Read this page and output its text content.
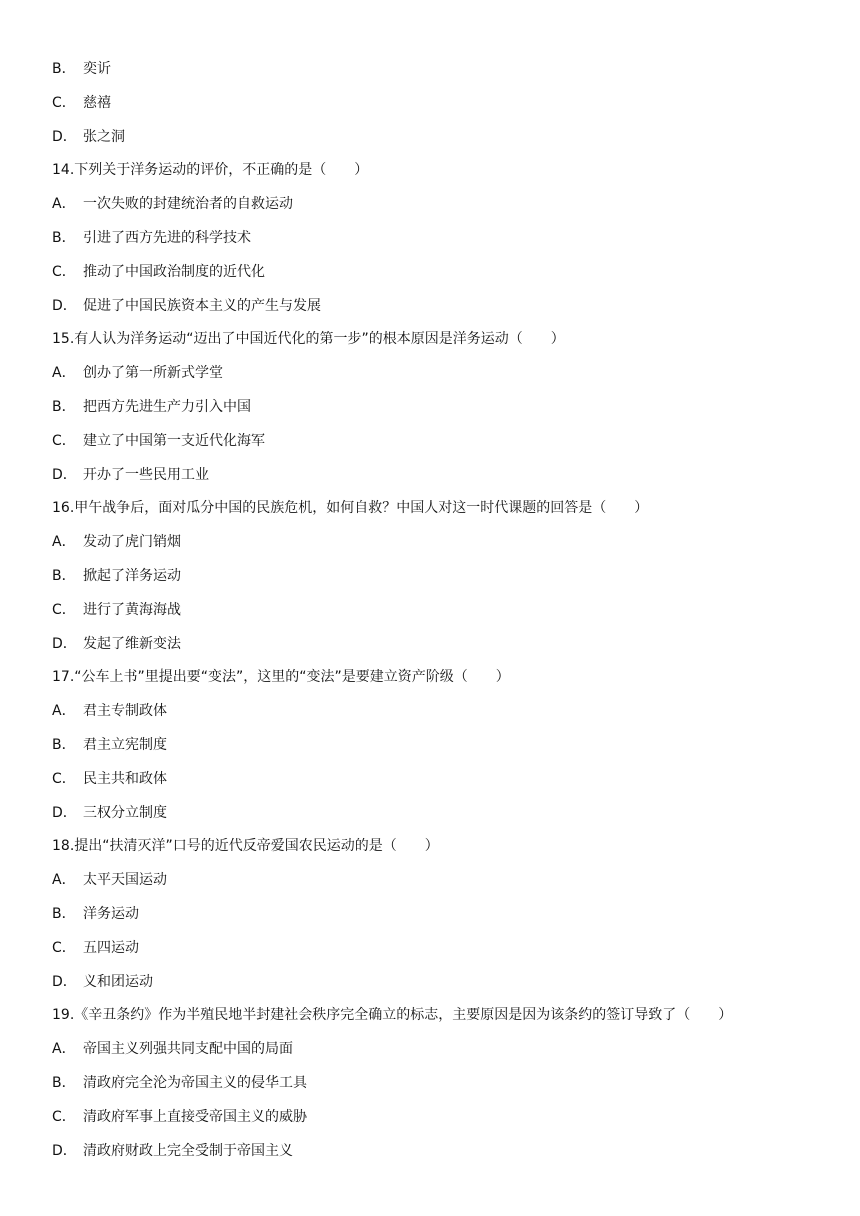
B． 奕䜣
C． 慈禧
D． 张之洞
14.下列关于洋务运动的评价，不正确的是（　　）
A． 一次失败的封建统治者的自救运动
B． 引进了西方先进的科学技术
C． 推动了中国政治制度的近代化
D． 促进了中国民族资本主义的产生与发展
15.有人认为洋务运动“迈出了中国近代化的第一步”的根本原因是洋务运动（　　）
A． 创办了第一所新式学堂
B． 把西方先进生产力引入中国
C． 建立了中国第一支近代化海军
D． 开办了一些民用工业
16.甲午战争后，面对瓜分中国的民族危机，如何自救？中国人对这一时代课题的回答是（　　）
A． 发动了虎门销烟
B． 掀起了洋务运动
C． 进行了黄海海战
D． 发起了维新变法
17.“公车上书”里提出要“变法”，这里的“变法”是要建立资产阶级（　　）
A． 君主专制政体
B． 君主立宪制度
C． 民主共和政体
D． 三权分立制度
18.提出“扶清灭洋”口号的近代反帝爱国农民运动的是（　　）
A． 太平天国运动
B． 洋务运动
C． 五四运动
D． 义和团运动
19.《辛丑条约》作为半殖民地半封建社会秩序完全确立的标志，主要原因是因为该条约的签订导致了（　　）
A． 帝国主义列强共同支配中国的局面
B． 清政府完全沦为帝国主义的侵华工具
C． 清政府军事上直接受帝国主义的威胁
D． 清政府财政上完全受制于帝国主义
